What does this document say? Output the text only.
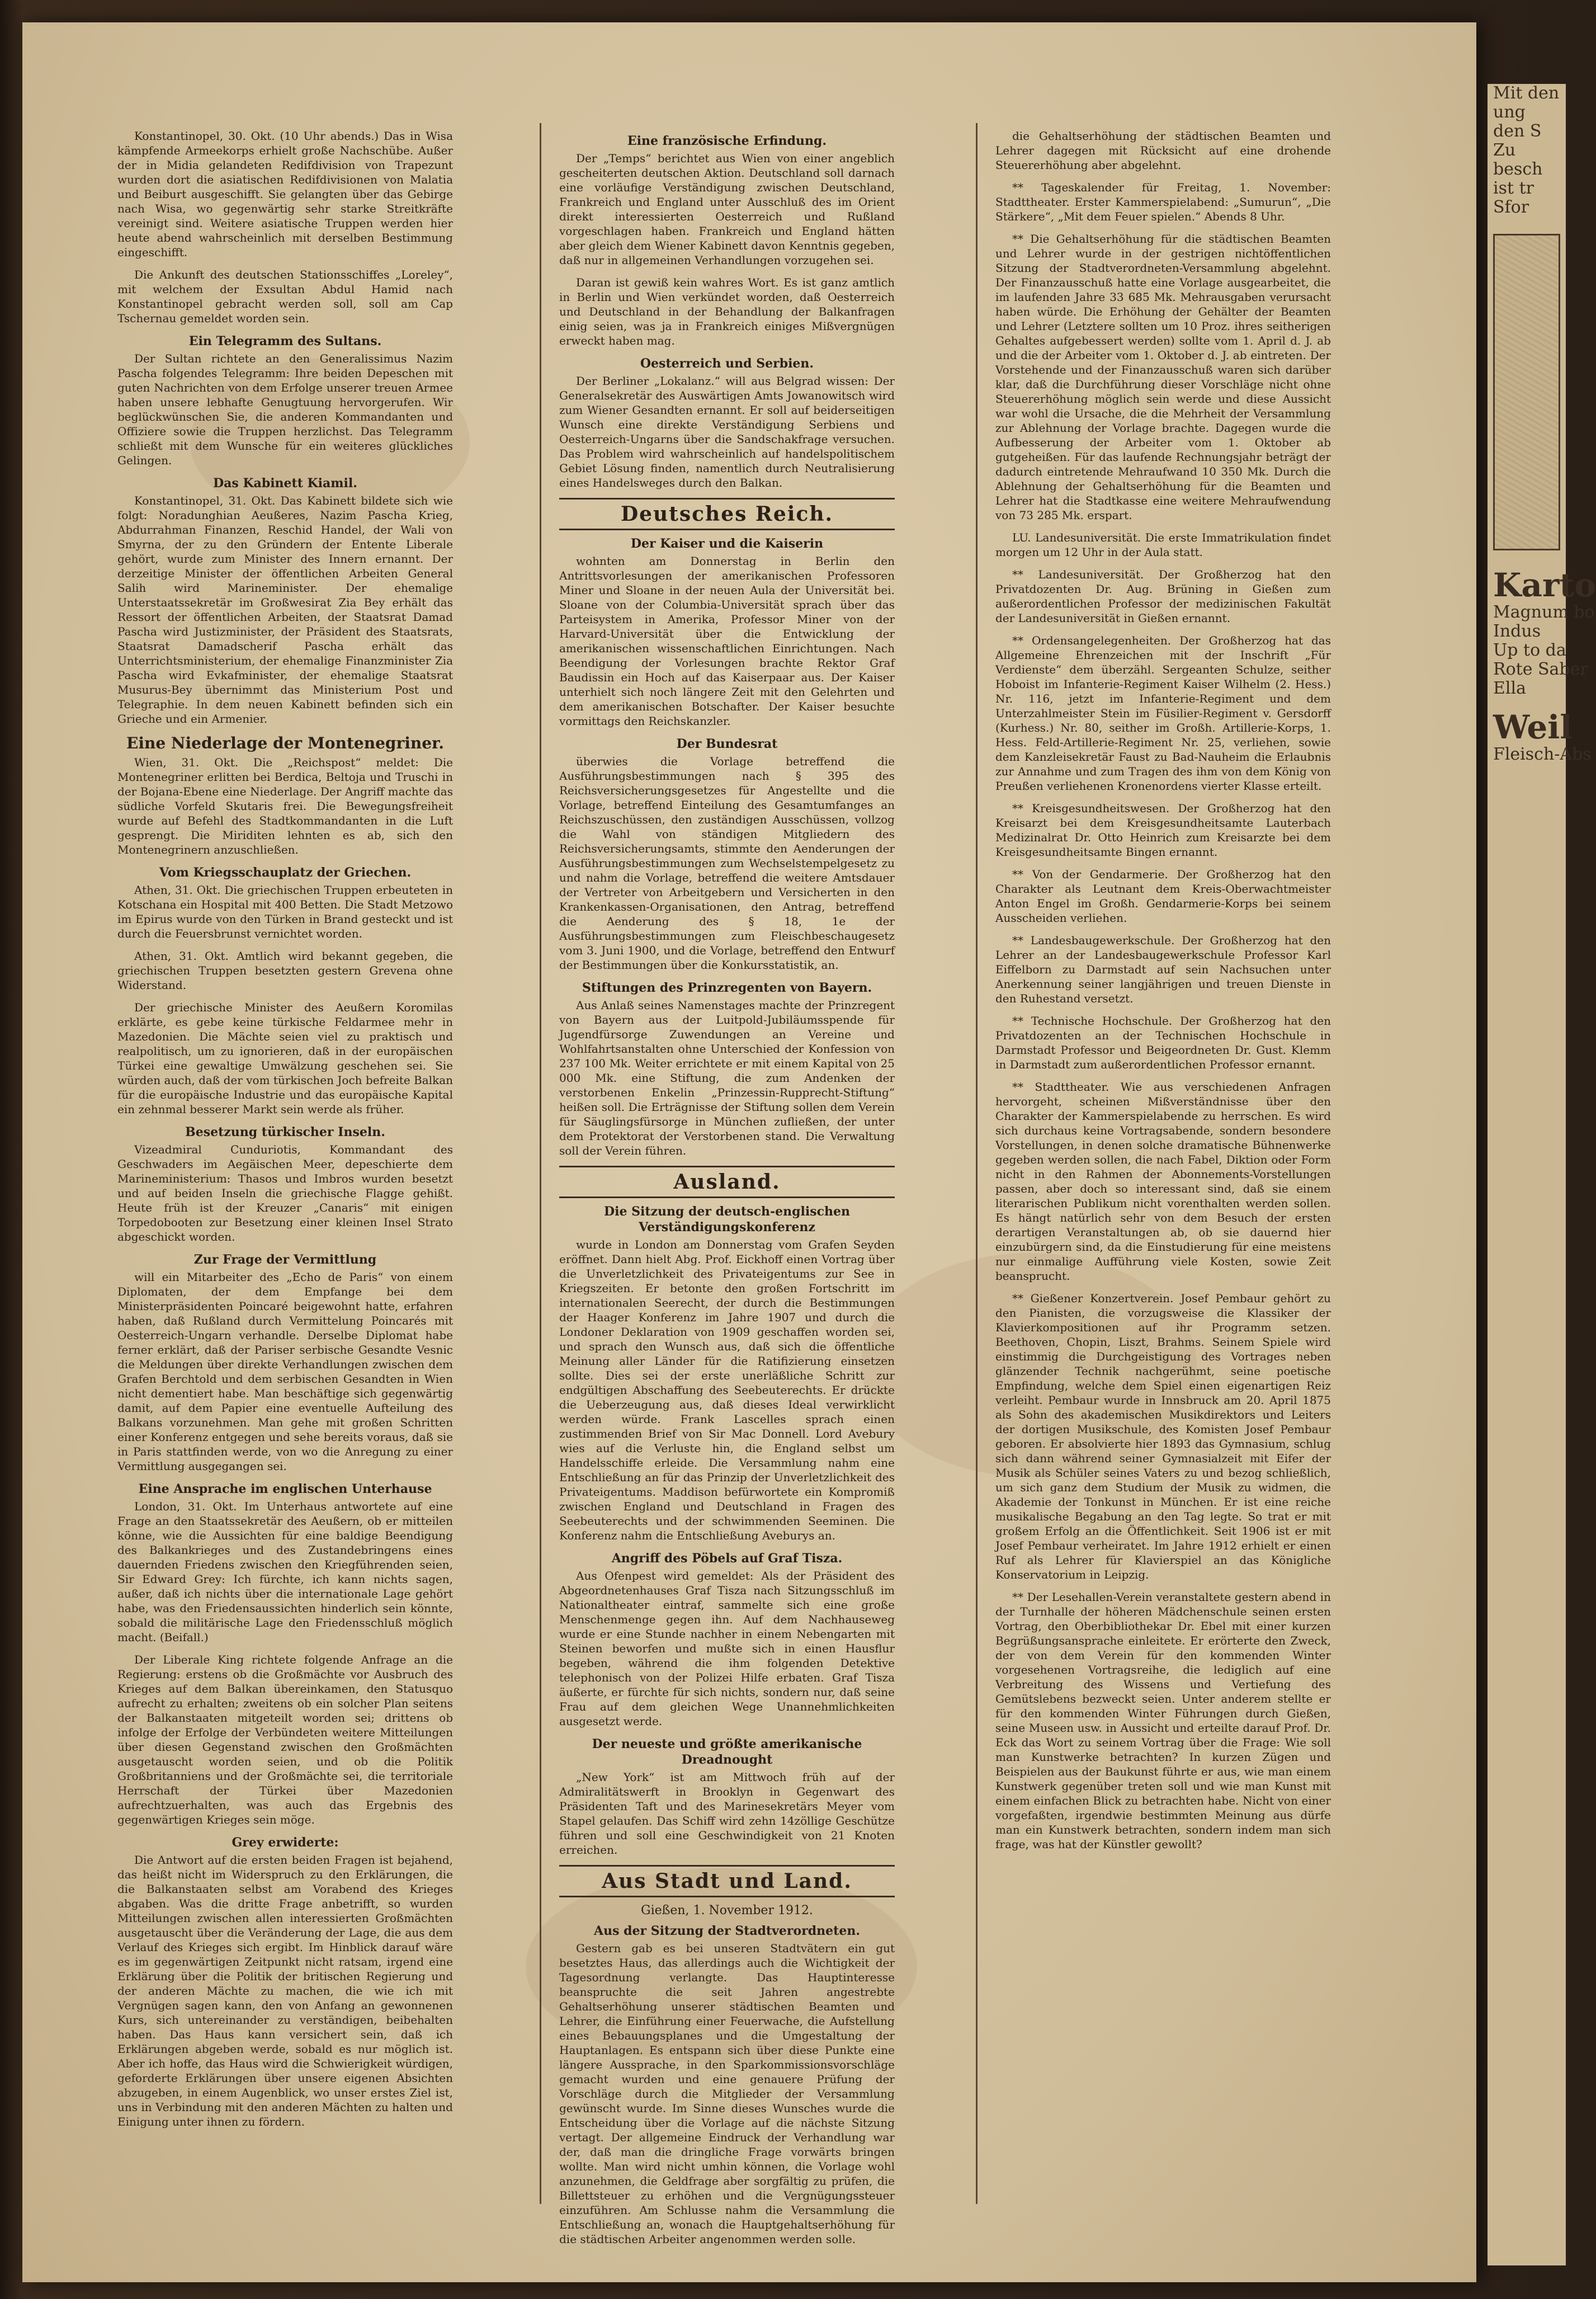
Konstantinopel, 30. Okt. (10 Uhr abends.) Das in Wisa kämpfende Armeekorps erhielt große Nachschübe. Außer der in Midia gelandeten Redifdivision von Trapezunt wurden dort die asiatischen Redifdivisionen von Malatia und Beiburt ausgeschifft. Sie gelangten über das Gebirge nach Wisa, wo gegenwärtig sehr starke Streitkräfte vereinigt sind. Weitere asiatische Truppen werden hier heute abend wahrscheinlich mit derselben Bestimmung eingeschifft.

Die Ankunft des deutschen Stationsschiffes „Loreley“, mit welchem der Exsultan Abdul Hamid nach Konstantinopel gebracht werden soll, soll am Cap Tschernau gemeldet worden sein.

Ein Telegramm des Sultans.

Der Sultan richtete an den Generalissimus Nazim Pascha folgendes Telegramm: Ihre beiden Depeschen mit guten Nachrichten von dem Erfolge unserer treuen Armee haben unsere lebhafte Genugtuung hervorgerufen. Wir beglückwünschen Sie, die anderen Kommandanten und Offiziere sowie die Truppen herzlichst. Das Telegramm schließt mit dem Wunsche für ein weiteres glückliches Gelingen.

Das Kabinett Kiamil.

Konstantinopel, 31. Okt. Das Kabinett bildete sich wie folgt: Noradunghian Aeußeres, Nazim Pascha Krieg, Abdurrahman Finanzen, Reschid Handel, der Wali von Smyrna, der zu den Gründern der Entente Liberale gehört, wurde zum Minister des Innern ernannt. Der derzeitige Minister der öffentlichen Arbeiten General Salih wird Marineminister. Der ehemalige Unterstaatssekretär im Großwesirat Zia Bey erhält das Ressort der öffentlichen Arbeiten, der Staatsrat Damad Pascha wird Justizminister, der Präsident des Staatsrats, Staatsrat Damadscherif Pascha erhält das Unterrichtsministerium, der ehemalige Finanzminister Zia Pascha wird Evkafminister, der ehemalige Staatsrat Musurus-Bey übernimmt das Ministerium Post und Telegraphie. In dem neuen Kabinett befinden sich ein Grieche und ein Armenier.

Eine Niederlage der Montenegriner.

Wien, 31. Okt. Die „Reichspost“ meldet: Die Montenegriner erlitten bei Berdica, Beltoja und Truschi in der Bojana-Ebene eine Niederlage. Der Angriff machte das südliche Vorfeld Skutaris frei. Die Bewegungsfreiheit wurde auf Befehl des Stadtkommandanten in die Luft gesprengt. Die Miriditen lehnten es ab, sich den Montenegrinern anzuschließen.

Vom Kriegsschauplatz der Griechen.

Athen, 31. Okt. Die griechischen Truppen erbeuteten in Kotschana ein Hospital mit 400 Betten. Die Stadt Metzowo im Epirus wurde von den Türken in Brand gesteckt und ist durch die Feuersbrunst vernichtet worden.

Athen, 31. Okt. Amtlich wird bekannt gegeben, die griechischen Truppen besetzten gestern Grevena ohne Widerstand.

Der griechische Minister des Aeußern Koromilas erklärte, es gebe keine türkische Feldarmee mehr in Mazedonien. Die Mächte seien viel zu praktisch und realpolitisch, um zu ignorieren, daß in der europäischen Türkei eine gewaltige Umwälzung geschehen sei. Sie würden auch, daß der vom türkischen Joch befreite Balkan für die europäische Industrie und das europäische Kapital ein zehnmal besserer Markt sein werde als früher.

Besetzung türkischer Inseln.

Vizeadmiral Cunduriotis, Kommandant des Geschwaders im Aegäischen Meer, depeschierte dem Marineministerium: Thasos und Imbros wurden besetzt und auf beiden Inseln die griechische Flagge gehißt. Heute früh ist der Kreuzer „Canaris“ mit einigen Torpedobooten zur Besetzung einer kleinen Insel Strato abgeschickt worden.

Zur Frage der Vermittlung

will ein Mitarbeiter des „Echo de Paris“ von einem Diplomaten, der dem Empfange bei dem Ministerpräsidenten Poincaré beigewohnt hatte, erfahren haben, daß Rußland durch Vermittelung Poincarés mit Oesterreich-Ungarn verhandle. Derselbe Diplomat habe ferner erklärt, daß der Pariser serbische Gesandte Vesnic die Meldungen über direkte Verhandlungen zwischen dem Grafen Berchtold und dem serbischen Gesandten in Wien nicht dementiert habe. Man beschäftige sich gegenwärtig damit, auf dem Papier eine eventuelle Aufteilung des Balkans vorzunehmen. Man gehe mit großen Schritten einer Konferenz entgegen und sehe bereits voraus, daß sie in Paris stattfinden werde, von wo die Anregung zu einer Vermittlung ausgegangen sei.

Eine Ansprache im englischen Unterhause

London, 31. Okt. Im Unterhaus antwortete auf eine Frage an den Staatssekretär des Aeußern, ob er mitteilen könne, wie die Aussichten für eine baldige Beendigung des Balkankrieges und des Zustandebringens eines dauernden Friedens zwischen den Kriegführenden seien, Sir Edward Grey: Ich fürchte, ich kann nichts sagen, außer, daß ich nichts über die internationale Lage gehört habe, was den Friedensaussichten hinderlich sein könnte, sobald die militärische Lage den Friedensschluß möglich macht. (Beifall.)

Der Liberale King richtete folgende Anfrage an die Regierung: erstens ob die Großmächte vor Ausbruch des Krieges auf dem Balkan übereinkamen, den Statusquo aufrecht zu erhalten; zweitens ob ein solcher Plan seitens der Balkanstaaten mitgeteilt worden sei; drittens ob infolge der Erfolge der Verbündeten weitere Mitteilungen über diesen Gegenstand zwischen den Großmächten ausgetauscht worden seien, und ob die Politik Großbritanniens und der Großmächte sei, die territoriale Herrschaft der Türkei über Mazedonien aufrechtzuerhalten, was auch das Ergebnis des gegenwärtigen Krieges sein möge.

Grey erwiderte:

Die Antwort auf die ersten beiden Fragen ist bejahend, das heißt nicht im Widerspruch zu den Erklärungen, die die Balkanstaaten selbst am Vorabend des Krieges abgaben. Was die dritte Frage anbetrifft, so wurden Mitteilungen zwischen allen interessierten Großmächten ausgetauscht über die Veränderung der Lage, die aus dem Verlauf des Krieges sich ergibt. Im Hinblick darauf wäre es im gegenwärtigen Zeitpunkt nicht ratsam, irgend eine Erklärung über die Politik der britischen Regierung und der anderen Mächte zu machen, die wie ich mit Vergnügen sagen kann, den von Anfang an gewonnenen Kurs, sich untereinander zu verständigen, beibehalten haben. Das Haus kann versichert sein, daß ich Erklärungen abgeben werde, sobald es nur möglich ist. Aber ich hoffe, das Haus wird die Schwierigkeit würdigen, geforderte Erklärungen über unsere eigenen Absichten abzugeben, in einem Augenblick, wo unser erstes Ziel ist, uns in Verbindung mit den anderen Mächten zu halten und Einigung unter ihnen zu fördern.

Eine französische Erfindung.

Der „Temps“ berichtet aus Wien von einer angeblich gescheiterten deutschen Aktion. Deutschland soll darnach eine vorläufige Verständigung zwischen Deutschland, Frankreich und England unter Ausschluß des im Orient direkt interessierten Oesterreich und Rußland vorgeschlagen haben. Frankreich und England hätten aber gleich dem Wiener Kabinett davon Kenntnis gegeben, daß nur in allgemeinen Verhandlungen vorzugehen sei.

Daran ist gewiß kein wahres Wort. Es ist ganz amtlich in Berlin und Wien verkündet worden, daß Oesterreich und Deutschland in der Behandlung der Balkanfragen einig seien, was ja in Frankreich einiges Mißvergnügen erweckt haben mag.

Oesterreich und Serbien.

Der Berliner „Lokalanz.“ will aus Belgrad wissen: Der Generalsekretär des Auswärtigen Amts Jowanowitsch wird zum Wiener Gesandten ernannt. Er soll auf beiderseitigen Wunsch eine direkte Verständigung Serbiens und Oesterreich-Ungarns über die Sandschakfrage versuchen. Das Problem wird wahrscheinlich auf handelspolitischem Gebiet Lösung finden, namentlich durch Neutralisierung eines Handelsweges durch den Balkan.

Deutsches Reich.
Der Kaiser und die Kaiserin

wohnten am Donnerstag in Berlin den Antrittsvorlesungen der amerikanischen Professoren Miner und Sloane in der neuen Aula der Universität bei. Sloane von der Columbia-Universität sprach über das Parteisystem in Amerika, Professor Miner von der Harvard-Universität über die Entwicklung der amerikanischen wissenschaftlichen Einrichtungen. Nach Beendigung der Vorlesungen brachte Rektor Graf Baudissin ein Hoch auf das Kaiserpaar aus. Der Kaiser unterhielt sich noch längere Zeit mit den Gelehrten und dem amerikanischen Botschafter. Der Kaiser besuchte vormittags den Reichskanzler.

Der Bundesrat

überwies die Vorlage betreffend die Ausführungsbestimmungen nach § 395 des Reichsversicherungsgesetzes für Angestellte und die Vorlage, betreffend Einteilung des Gesamtumfanges an Reichszuschüssen, den zuständigen Ausschüssen, vollzog die Wahl von ständigen Mitgliedern des Reichsversicherungsamts, stimmte den Aenderungen der Ausführungsbestimmungen zum Wechselstempelgesetz zu und nahm die Vorlage, betreffend die weitere Amtsdauer der Vertreter von Arbeitgebern und Versicherten in den Krankenkassen-Organisationen, den Antrag, betreffend die Aenderung des § 18, 1e der Ausführungsbestimmungen zum Fleischbeschaugesetz vom 3. Juni 1900, und die Vorlage, betreffend den Entwurf der Bestimmungen über die Konkursstatistik, an.

Stiftungen des Prinzregenten von Bayern.

Aus Anlaß seines Namenstages machte der Prinzregent von Bayern aus der Luitpold-Jubiläumsspende für Jugendfürsorge Zuwendungen an Vereine und Wohlfahrtsanstalten ohne Unterschied der Konfession von 237 100 Mk. Weiter errichtete er mit einem Kapital von 25 000 Mk. eine Stiftung, die zum Andenken der verstorbenen Enkelin „Prinzessin-Rupprecht-Stiftung“ heißen soll. Die Erträgnisse der Stiftung sollen dem Verein für Säuglingsfürsorge in München zufließen, der unter dem Protektorat der Verstorbenen stand. Die Verwaltung soll der Verein führen.

Ausland.
Die Sitzung der deutsch-englischen Verständigungskonferenz

wurde in London am Donnerstag vom Grafen Seyden eröffnet. Dann hielt Abg. Prof. Eickhoff einen Vortrag über die Unverletzlichkeit des Privateigentums zur See in Kriegszeiten. Er betonte den großen Fortschritt im internationalen Seerecht, der durch die Bestimmungen der Haager Konferenz im Jahre 1907 und durch die Londoner Deklaration von 1909 geschaffen worden sei, und sprach den Wunsch aus, daß sich die öffentliche Meinung aller Länder für die Ratifizierung einsetzen sollte. Dies sei der erste unerläßliche Schritt zur endgültigen Abschaffung des Seebeuterechts. Er drückte die Ueberzeugung aus, daß dieses Ideal verwirklicht werden würde. Frank Lascelles sprach einen zustimmenden Brief von Sir Mac Donnell. Lord Avebury wies auf die Verluste hin, die England selbst um Handelsschiffe erleide. Die Versammlung nahm eine Entschließung an für das Prinzip der Unverletzlichkeit des Privateigentums. Maddison befürwortete ein Kompromiß zwischen England und Deutschland in Fragen des Seebeuterechts und der schwimmenden Seeminen. Die Konferenz nahm die Entschließung Aveburys an.

Angriff des Pöbels auf Graf Tisza.

Aus Ofenpest wird gemeldet: Als der Präsident des Abgeordnetenhauses Graf Tisza nach Sitzungsschluß im Nationaltheater eintraf, sammelte sich eine große Menschenmenge gegen ihn. Auf dem Nachhauseweg wurde er eine Stunde nachher in einem Nebengarten mit Steinen beworfen und mußte sich in einen Hausflur begeben, während die ihm folgenden Detektive telephonisch von der Polizei Hilfe erbaten. Graf Tisza äußerte, er fürchte für sich nichts, sondern nur, daß seine Frau auf dem gleichen Wege Unannehmlichkeiten ausgesetzt werde.

Der neueste und größte amerikanische Dreadnought

„New York“ ist am Mittwoch früh auf der Admiralitätswerft in Brooklyn in Gegenwart des Präsidenten Taft und des Marinesekretärs Meyer vom Stapel gelaufen. Das Schiff wird zehn 14zöllige Geschütze führen und soll eine Geschwindigkeit von 21 Knoten erreichen.

Aus Stadt und Land.
Gießen, 1. November 1912.
Aus der Sitzung der Stadtverordneten.

Gestern gab es bei unseren Stadtvätern ein gut besetztes Haus, das allerdings auch die Wichtigkeit der Tagesordnung verlangte. Das Hauptinteresse beanspruchte die seit Jahren angestrebte Gehaltserhöhung unserer städtischen Beamten und Lehrer, die Einführung einer Feuerwache, die Aufstellung eines Bebauungsplanes und die Umgestaltung der Hauptanlagen. Es entspann sich über diese Punkte eine längere Aussprache, in den Sparkommissionsvorschläge gemacht wurden und eine genauere Prüfung der Vorschläge durch die Mitglieder der Versammlung gewünscht wurde. Im Sinne dieses Wunsches wurde die Entscheidung über die Vorlage auf die nächste Sitzung vertagt. Der allgemeine Eindruck der Verhandlung war der, daß man die dringliche Frage vorwärts bringen wollte. Man wird nicht umhin können, die Vorlage wohl anzunehmen, die Geldfrage aber sorgfältig zu prüfen, die Billettsteuer zu erhöhen und die Vergnügungssteuer einzuführen. Am Schlusse nahm die Versammlung die Entschließung an, wonach die Hauptgehaltserhöhung für die städtischen Arbeiter angenommen werden solle.

die Gehaltserhöhung der städtischen Beamten und Lehrer dagegen mit Rücksicht auf eine drohende Steuererhöhung aber abgelehnt.

** Tageskalender für Freitag, 1. November: Stadttheater. Erster Kammerspielabend: „Sumurun“, „Die Stärkere“, „Mit dem Feuer spielen.“ Abends 8 Uhr.

** Die Gehaltserhöhung für die städtischen Beamten und Lehrer wurde in der gestrigen nichtöffentlichen Sitzung der Stadtverordneten-Versammlung abgelehnt. Der Finanzausschuß hatte eine Vorlage ausgearbeitet, die im laufenden Jahre 33 685 Mk. Mehrausgaben verursacht haben würde. Die Erhöhung der Gehälter der Beamten und Lehrer (Letztere sollten um 10 Proz. ihres seitherigen Gehaltes aufgebessert werden) sollte vom 1. April d. J. ab und die der Arbeiter vom 1. Oktober d. J. ab eintreten. Der Vorstehende und der Finanzausschuß waren sich darüber klar, daß die Durchführung dieser Vorschläge nicht ohne Steuererhöhung möglich sein werde und diese Aussicht war wohl die Ursache, die die Mehrheit der Versammlung zur Ablehnung der Vorlage brachte. Dagegen wurde die Aufbesserung der Arbeiter vom 1. Oktober ab gutgeheißen. Für das laufende Rechnungsjahr beträgt der dadurch eintretende Mehraufwand 10 350 Mk. Durch die Ablehnung der Gehaltserhöhung für die Beamten und Lehrer hat die Stadtkasse eine weitere Mehraufwendung von 73 285 Mk. erspart.

LU. Landesuniversität. Die erste Immatrikulation findet morgen um 12 Uhr in der Aula statt.

** Landesuniversität. Der Großherzog hat den Privatdozenten Dr. Aug. Brüning in Gießen zum außerordentlichen Professor der medizinischen Fakultät der Landesuniversität in Gießen ernannt.

** Ordensangelegenheiten. Der Großherzog hat das Allgemeine Ehrenzeichen mit der Inschrift „Für Verdienste“ dem überzähl. Sergeanten Schulze, seither Hoboist im Infanterie-Regiment Kaiser Wilhelm (2. Hess.) Nr. 116, jetzt im Infanterie-Regiment und dem Unterzahlmeister Stein im Füsilier-Regiment v. Gersdorff (Kurhess.) Nr. 80, seither im Großh. Artillerie-Korps, 1. Hess. Feld-Artillerie-Regiment Nr. 25, verliehen, sowie dem Kanzleisekretär Faust zu Bad-Nauheim die Erlaubnis zur Annahme und zum Tragen des ihm von dem König von Preußen verliehenen Kronenordens vierter Klasse erteilt.

** Kreisgesundheitswesen. Der Großherzog hat den Kreisarzt bei dem Kreisgesundheitsamte Lauterbach Medizinalrat Dr. Otto Heinrich zum Kreisarzte bei dem Kreisgesundheitsamte Bingen ernannt.

** Von der Gendarmerie. Der Großherzog hat den Charakter als Leutnant dem Kreis-Oberwachtmeister Anton Engel im Großh. Gendarmerie-Korps bei seinem Ausscheiden verliehen.

** Landesbaugewerkschule. Der Großherzog hat den Lehrer an der Landesbaugewerkschule Professor Karl Eiffelborn zu Darmstadt auf sein Nachsuchen unter Anerkennung seiner langjährigen und treuen Dienste in den Ruhestand versetzt.

** Technische Hochschule. Der Großherzog hat den Privatdozenten an der Technischen Hochschule in Darmstadt Professor und Beigeordneten Dr. Gust. Klemm in Darmstadt zum außerordentlichen Professor ernannt.

** Stadttheater. Wie aus verschiedenen Anfragen hervorgeht, scheinen Mißverständnisse über den Charakter der Kammerspielabende zu herrschen. Es wird sich durchaus keine Vortragsabende, sondern besondere Vorstellungen, in denen solche dramatische Bühnenwerke gegeben werden sollen, die nach Fabel, Diktion oder Form nicht in den Rahmen der Abonnements-Vorstellungen passen, aber doch so interessant sind, daß sie einem literarischen Publikum nicht vorenthalten werden sollen. Es hängt natürlich sehr von dem Besuch der ersten derartigen Veranstaltungen ab, ob sie dauernd hier einzubürgern sind, da die Einstudierung für eine meistens nur einmalige Aufführung viele Kosten, sowie Zeit beansprucht.

** Gießener Konzertverein. Josef Pembaur gehört zu den Pianisten, die vorzugsweise die Klassiker der Klavierkompositionen auf ihr Programm setzen. Beethoven, Chopin, Liszt, Brahms. Seinem Spiele wird einstimmig die Durchgeistigung des Vortrages neben glänzender Technik nachgerühmt, seine poetische Empfindung, welche dem Spiel einen eigenartigen Reiz verleiht. Pembaur wurde in Innsbruck am 20. April 1875 als Sohn des akademischen Musikdirektors und Leiters der dortigen Musikschule, des Komisten Josef Pembaur geboren. Er absolvierte hier 1893 das Gymnasium, schlug sich dann während seiner Gymnasialzeit mit Eifer der Musik als Schüler seines Vaters zu und bezog schließlich, um sich ganz dem Studium der Musik zu widmen, die Akademie der Tonkunst in München. Er ist eine reiche musikalische Begabung an den Tag legte. So trat er mit großem Erfolg an die Öffentlichkeit. Seit 1906 ist er mit Josef Pembaur verheiratet. Im Jahre 1912 erhielt er einen Ruf als Lehrer für Klavierspiel an das Königliche Konservatorium in Leipzig.

** Der Lesehallen-Verein veranstaltete gestern abend in der Turnhalle der höheren Mädchenschule seinen ersten Vortrag, den Oberbibliothekar Dr. Ebel mit einer kurzen Begrüßungsansprache einleitete. Er erörterte den Zweck, der von dem Verein für den kommenden Winter vorgesehenen Vortragsreihe, die lediglich auf eine Verbreitung des Wissens und Vertiefung des Gemütslebens bezweckt seien. Unter anderem stellte er für den kommenden Winter Führungen durch Gießen, seine Museen usw. in Aussicht und erteilte darauf Prof. Dr. Eck das Wort zu seinem Vortrag über die Frage: Wie soll man Kunstwerke betrachten? In kurzen Zügen und Beispielen aus der Baukunst führte er aus, wie man einem Kunstwerk gegenüber treten soll und wie man Kunst mit einem einfachen Blick zu betrachten habe. Nicht von einer vorgefaßten, irgendwie bestimmten Meinung aus dürfe man ein Kunstwerk betrachten, sondern indem man sich frage, was hat der Künstler gewollt?

Mit den
ung
den S
Zu
besch
ist tr
Sfor
Karto
Magnum bo
Indus
Up to da
Rote Saber
Ella
Weil
Fleisch-Abs
